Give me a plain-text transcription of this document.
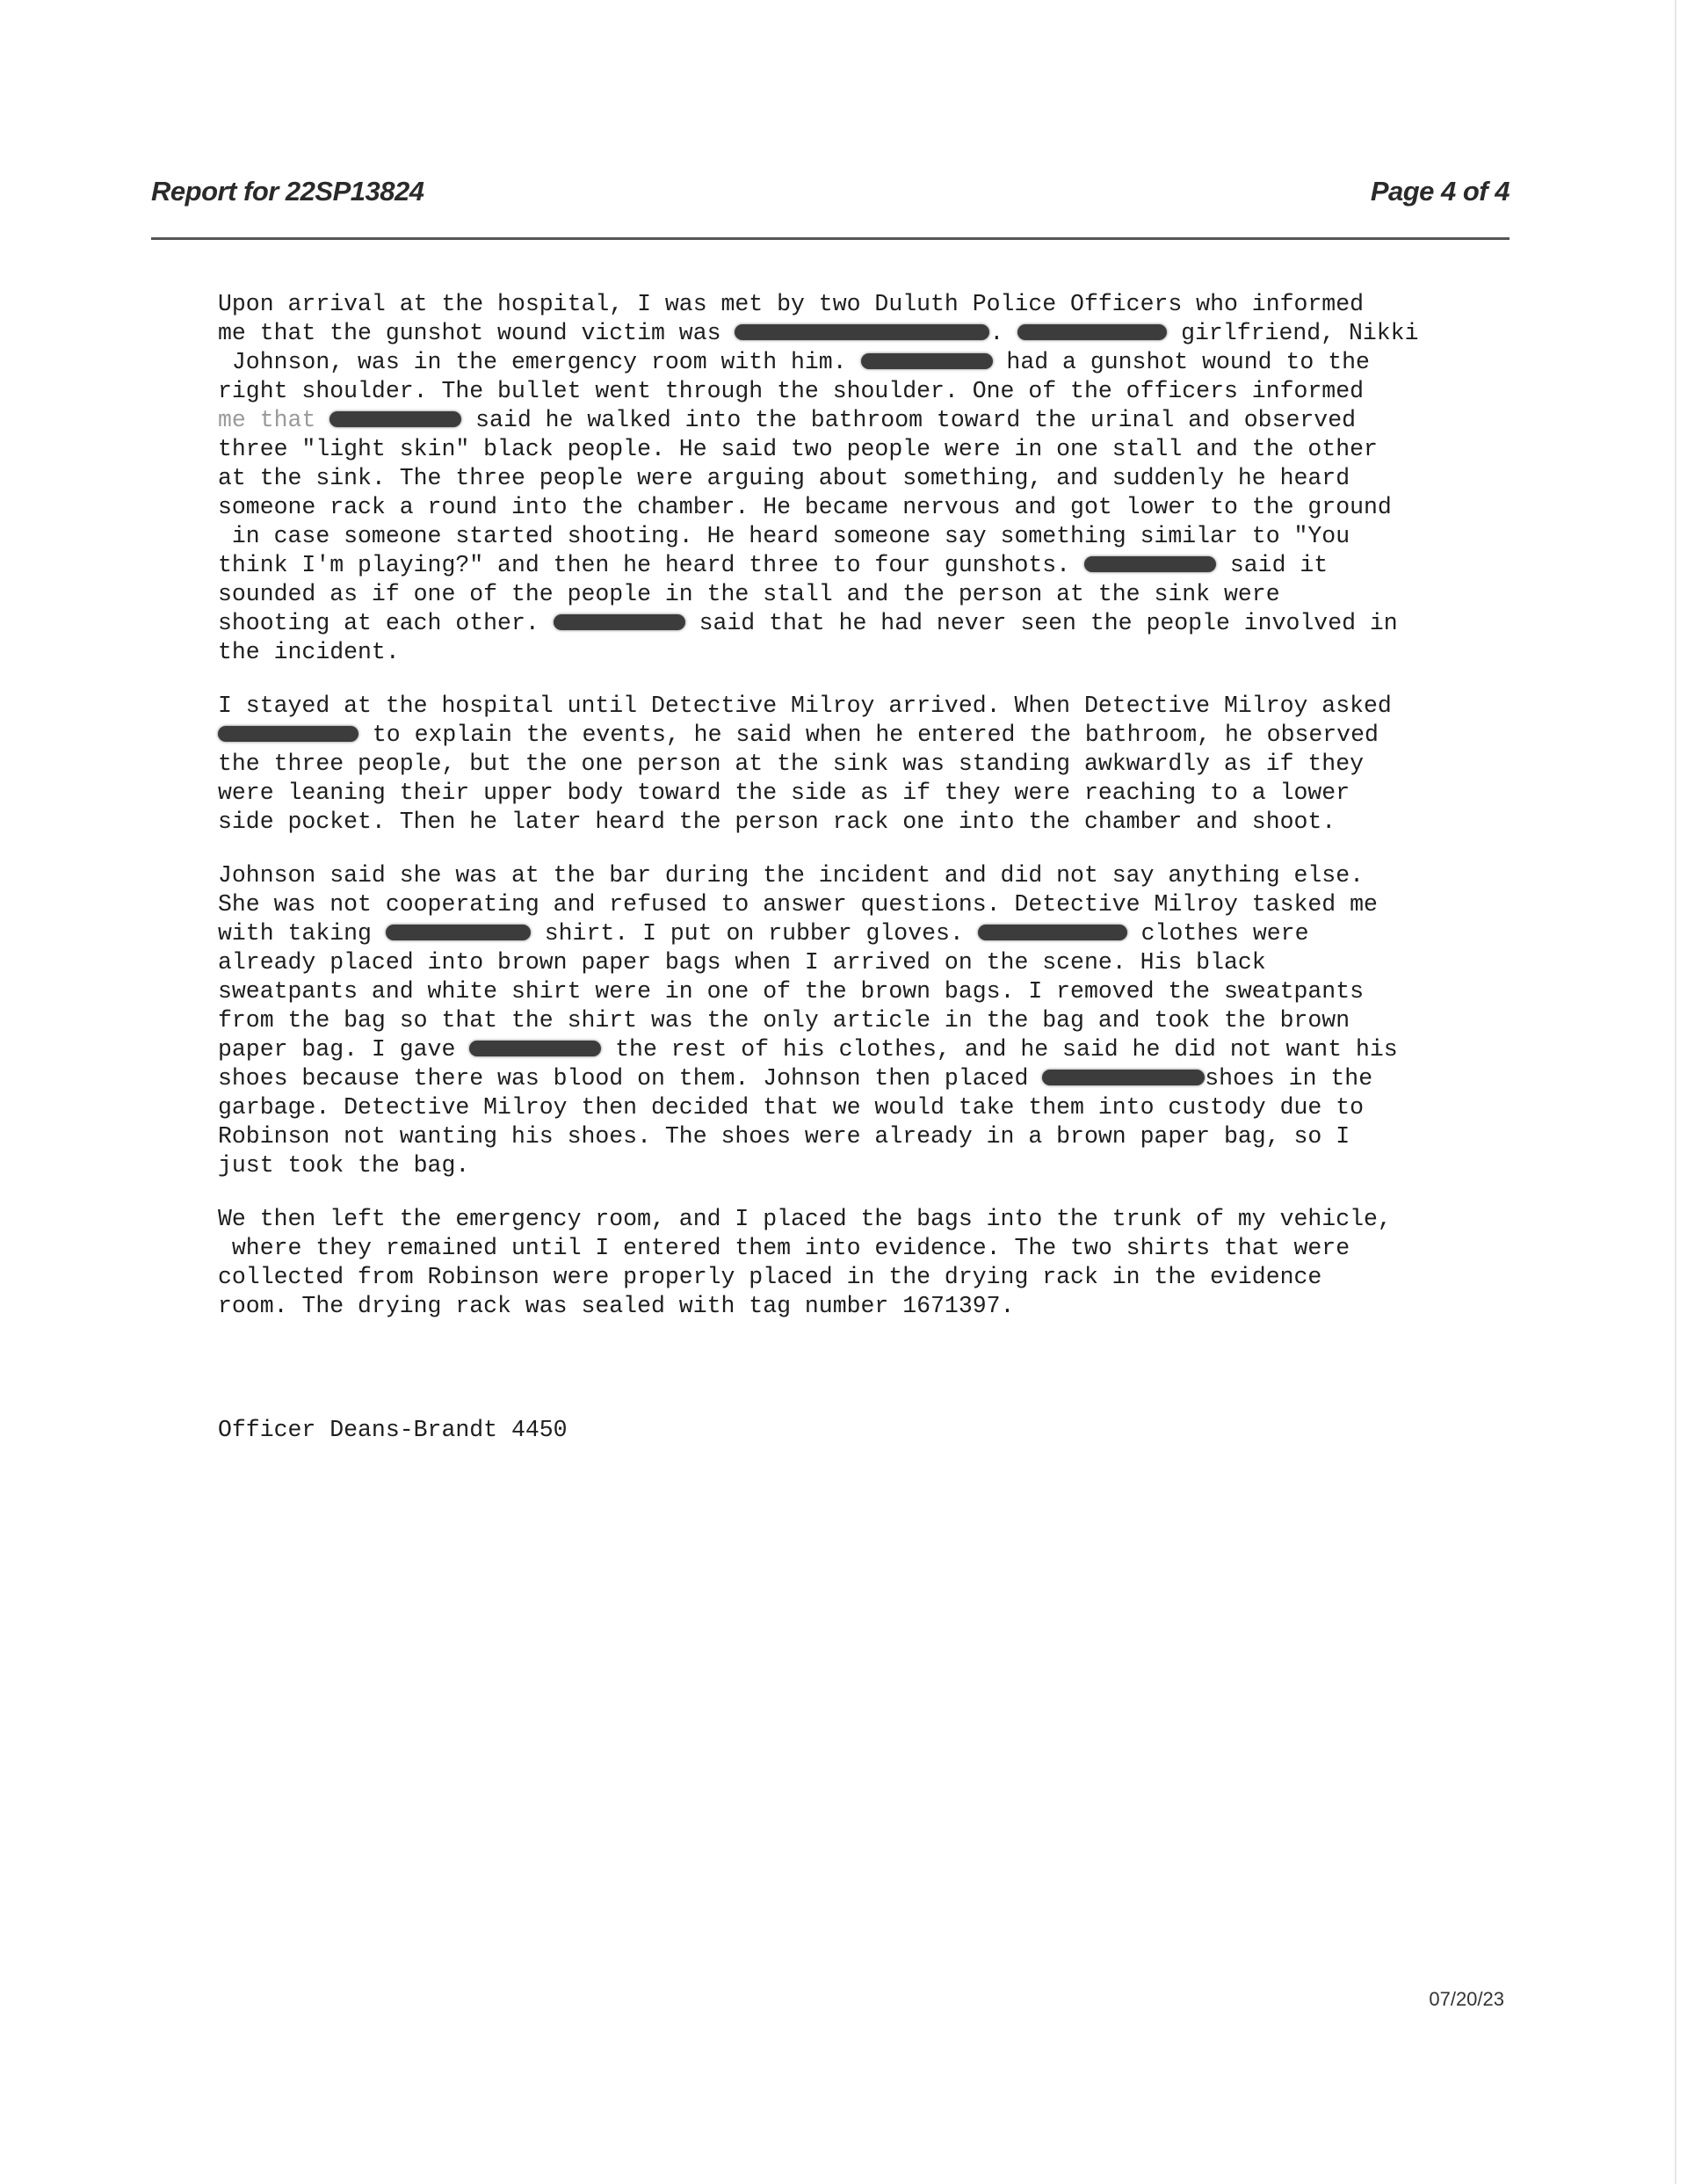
Report for 22SP13824	Page 4 of 4
Upon arrival at the hospital, I was met by two Duluth Police Officers who informed
me that the gunshot wound victim was	.	girlfriend, Nikki
Johnson, was in the emergency room with him.	had a gunshot wound to the
right shoulder. The bullet went through the shoulder. One of the officers informed
me that	said he walked into the bathroom toward the urinal and observed
three "light skin" black people. He said two people were in one stall and the other
at the sink. The three people were arguing about something, and suddenly he heard
someone rack a round into the chamber. He became nervous and got lower to the ground
in case someone started shooting. He heard someone say something similar to "You
think I'm playing?" and then he heard three to four gunshots.	said it
sounded as if one of the people in the stall and the person at the sink were
shooting at each other.	said that he had never seen the people involved in
the incident.
I stayed at the hospital until Detective Milroy arrived. When Detective Milroy asked
to explain the events, he said when he entered the bathroom, he observed
the three people, but the one person at the sink was standing awkwardly as if they
were leaning their upper body toward the side as if they were reaching to a lower
side pocket. Then he later heard the person rack one into the chamber and shoot.
Johnson said she was at the bar during the incident and did not say anything else.
She was not cooperating and refused to answer questions. Detective Milroy tasked me
with taking	shirt. I put on rubber gloves.	clothes were
already placed into brown paper bags when I arrived on the scene. His black
sweatpants and white shirt were in one of the brown bags. I removed the sweatpants
from the bag so that the shirt was the only article in the bag and took the brown
paper bag. I gave	the rest of his clothes, and he said he did not want his
shoes because there was blood on them. Johnson then placed	shoes in the
garbage. Detective Milroy then decided that we would take them into custody due to
Robinson not wanting his shoes. The shoes were already in a brown paper bag, so I
just took the bag.
We then left the emergency room, and I placed the bags into the trunk of my vehicle,
where they remained until I entered them into evidence. The two shirts that were
collected from Robinson were properly placed in the drying rack in the evidence
room. The drying rack was sealed with tag number 1671397.
Officer Deans-Brandt 4450
07/20/23
